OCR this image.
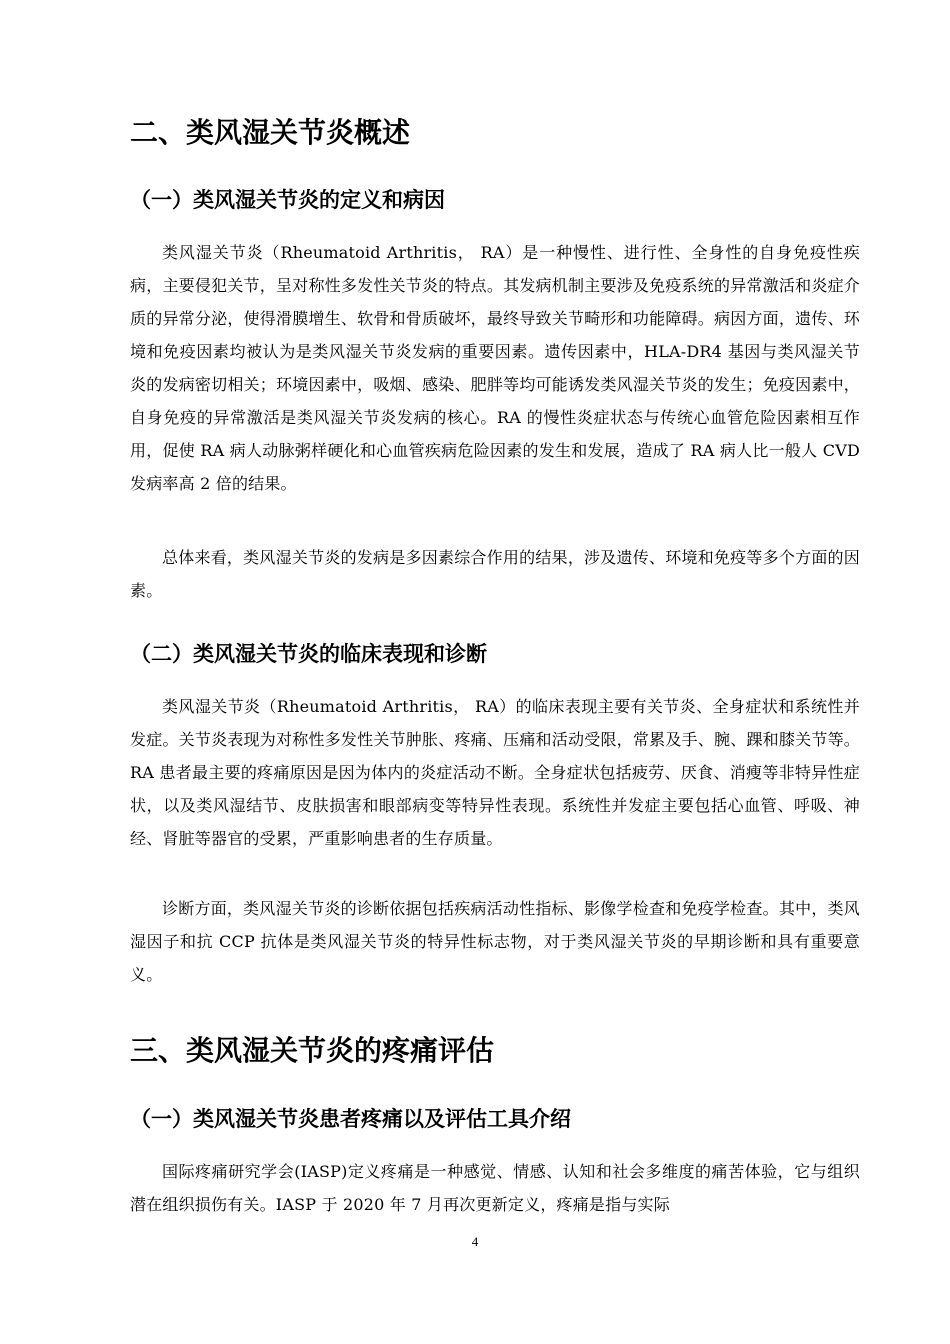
二、类风湿关节炎概述
（一）类风湿关节炎的定义和病因

类风湿关节炎（Rheumatoid Arthritis， RA）是一种慢性、进行性、全身性的自身免疫性疾病，主要侵犯关节，呈对称性多发性关节炎的特点。其发病机制主要涉及免疫系统的异常激活和炎症介质的异常分泌，使得滑膜增生、软骨和骨质破坏，最终导致关节畸形和功能障碍。病因方面，遗传、环境和免疫因素均被认为是类风湿关节炎发病的重要因素。遗传因素中，HLA-DR4 基因与类风湿关节炎的发病密切相关；环境因素中，吸烟、感染、肥胖等均可能诱发类风湿关节炎的发生；免疫因素中，自身免疫的异常激活是类风湿关节炎发病的核心。RA 的慢性炎症状态与传统心血管危险因素相互作用，促使 RA 病人动脉粥样硬化和心血管疾病危险因素的发生和发展，造成了 RA 病人比一般人 CVD 发病率高 2 倍的结果。

总体来看，类风湿关节炎的发病是多因素综合作用的结果，涉及遗传、环境和免疫等多个方面的因素。

（二）类风湿关节炎的临床表现和诊断

类风湿关节炎（Rheumatoid Arthritis， RA）的临床表现主要有关节炎、全身症状和系统性并发症。关节炎表现为对称性多发性关节肿胀、疼痛、压痛和活动受限，常累及手、腕、踝和膝关节等。RA 患者最主要的疼痛原因是因为体内的炎症活动不断。全身症状包括疲劳、厌食、消瘦等非特异性症状，以及类风湿结节、皮肤损害和眼部病变等特异性表现。系统性并发症主要包括心血管、呼吸、神经、肾脏等器官的受累，严重影响患者的生存质量。

诊断方面，类风湿关节炎的诊断依据包括疾病活动性指标、影像学检查和免疫学检查。其中，类风湿因子和抗 CCP 抗体是类风湿关节炎的特异性标志物，对于类风湿关节炎的早期诊断和具有重要意义。

三、类风湿关节炎的疼痛评估
（一）类风湿关节炎患者疼痛以及评估工具介绍

国际疼痛研究学会(IASP)定义疼痛是一种感觉、情感、认知和社会多维度的痛苦体验，它与组织潜在组织损伤有关。IASP 于 2020 年 7 月再次更新定义，疼痛是指与实际

4
